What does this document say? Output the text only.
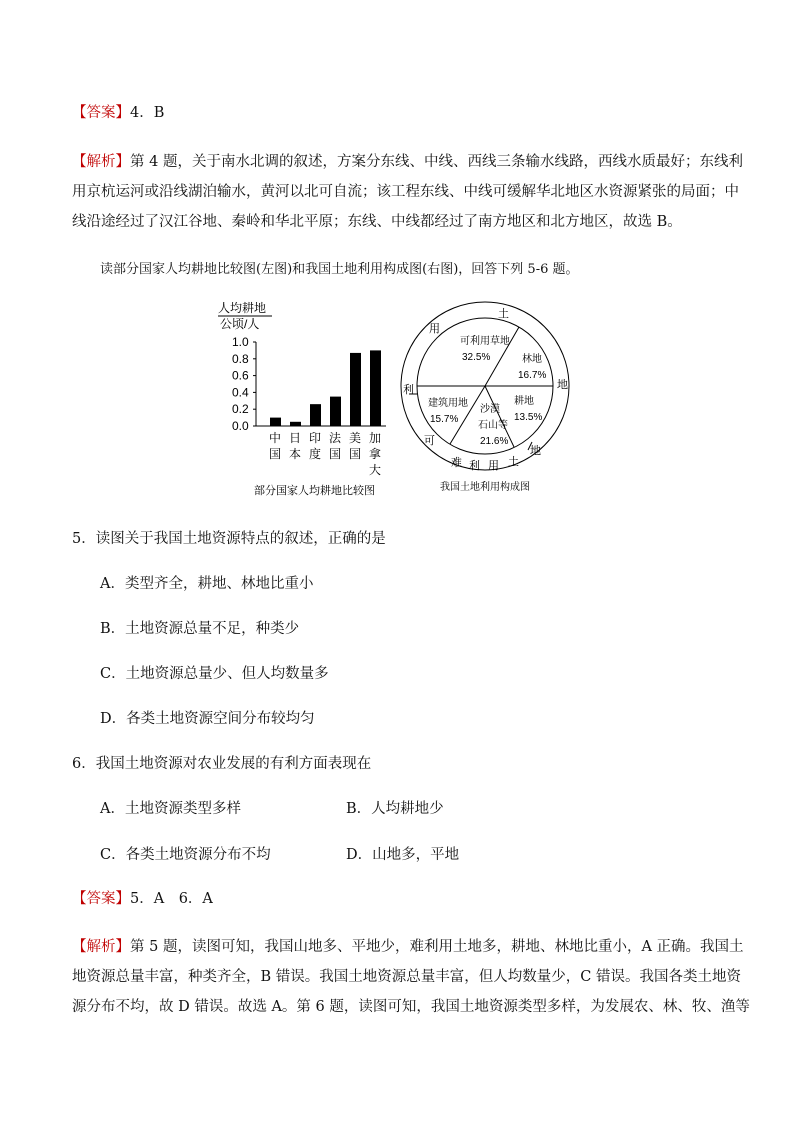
【答案】4．B
【解析】第 4 题，关于南水北调的叙述，方案分东线、中线、西线三条输水线路，西线水质最好；东线利
用京杭运河或沿线湖泊输水，黄河以北可自流；该工程东线、中线可缓解华北地区水资源紧张的局面；中
线沿途经过了汉江谷地、秦岭和华北平原；东线、中线都经过了南方地区和北方地区，故选 B。
读部分国家人均耕地比较图(左图)和我国土地利用构成图(右图)，回答下列 5-6 题。
人均耕地
公顷/人
1.0
0.8
0.6
0.4
0.2
0.0
中
国
日
本
印
度
法
国
美
国
加
拿
大
部分国家人均耕地比较图
可利用草地
32.5%	林地
16.7%
耕地
13.5%
沙漠
石山等
21.6%
建筑用地
15.7%
利
用
可
土
地
难 利 用 土
地
我国土地利用构成图
5．读图关于我国土地资源特点的叙述，正确的是
A．类型齐全，耕地、林地比重小
B．土地资源总量不足，种类少
C．土地资源总量少、但人均数量多
D．各类土地资源空间分布较均匀
6．我国土地资源对农业发展的有利方面表现在
A．土地资源类型多样	B．人均耕地少
C．各类土地资源分布不均	D．山地多，平地
【答案】5．A　6．A
【解析】第 5 题，读图可知，我国山地多、平地少，难利用土地多，耕地、林地比重小，A 正确。我国土
地资源总量丰富，种类齐全，B 错误。我国土地资源总量丰富，但人均数量少，C 错误。我国各类土地资
源分布不均，故 D 错误。故选 A。第 6 题，读图可知，我国土地资源类型多样，为发展农、林、牧、渔等
